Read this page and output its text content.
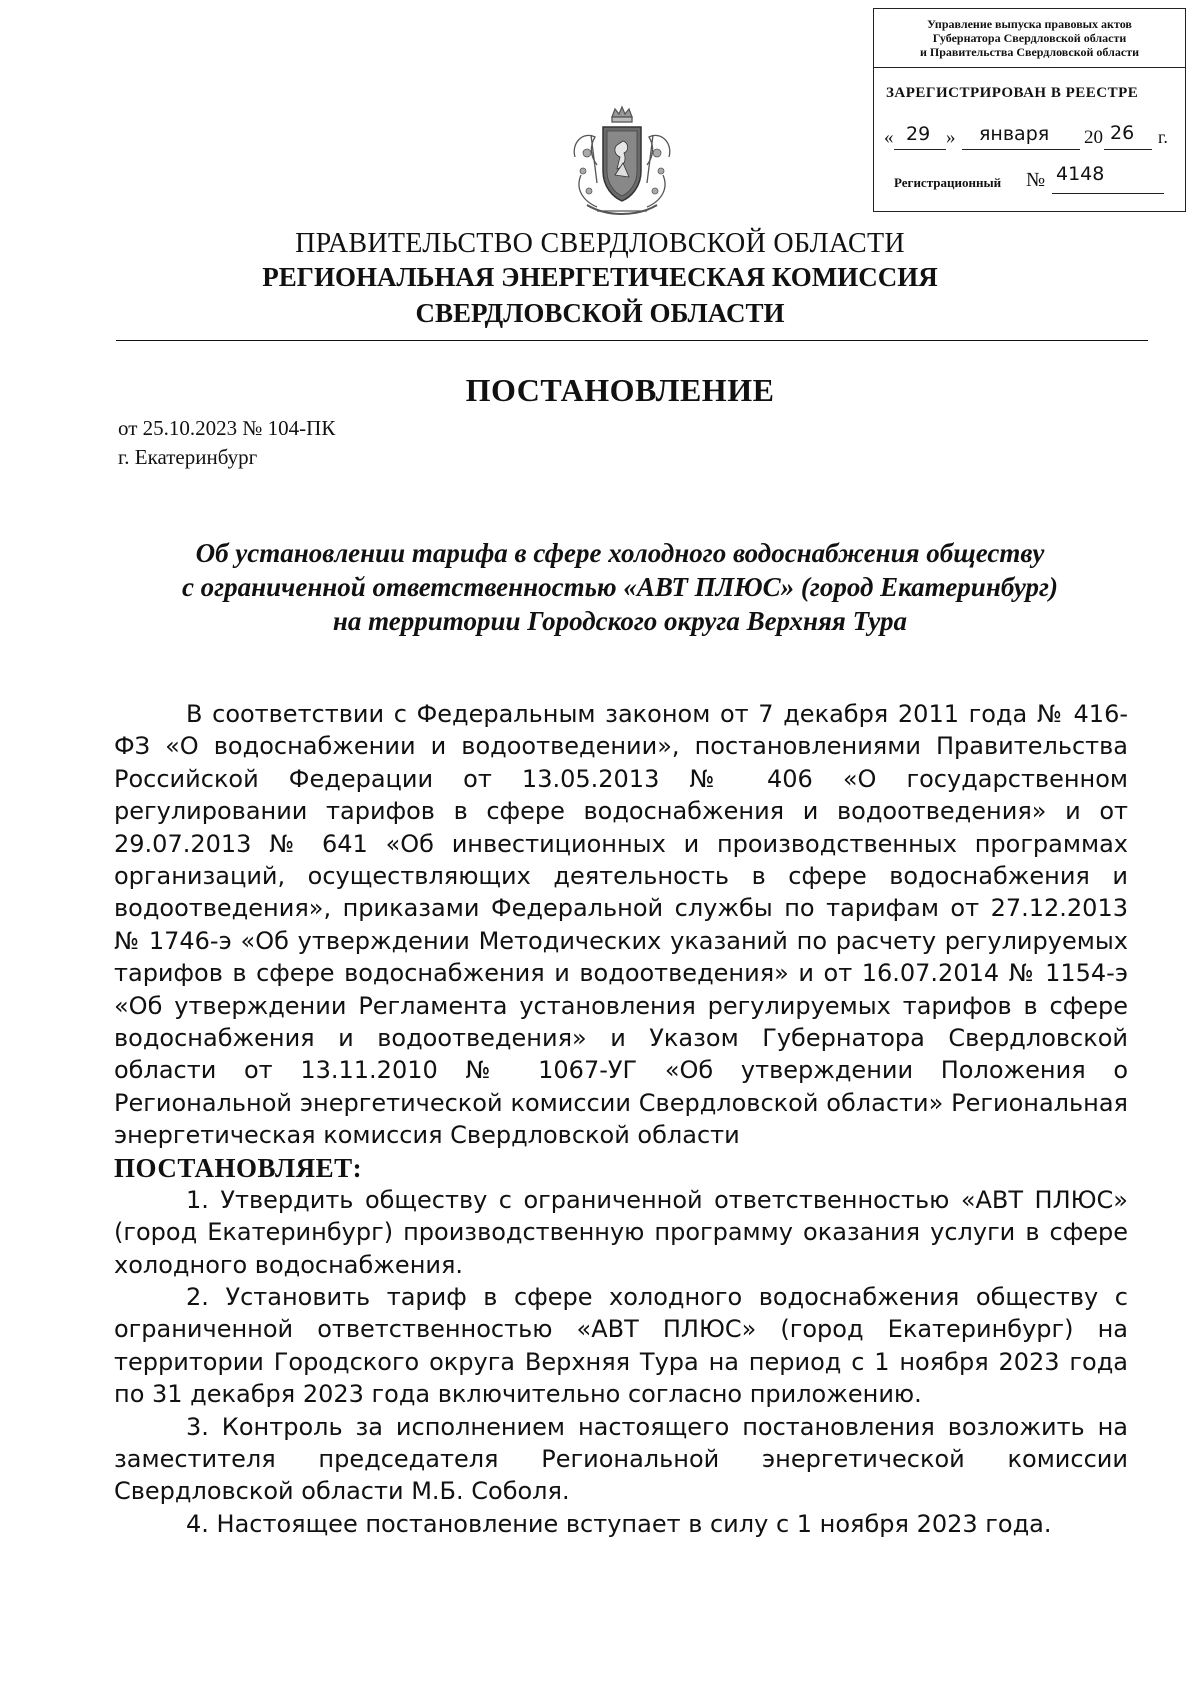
Управление выпуска правовых актов
Губернатора Свердловской области
и Правительства Свердловской области
ЗАРЕГИСТРИРОВАН В РЕЕСТРЕ
« 29 » января 20 26 г.
Регистрационный № 4148
ПРАВИТЕЛЬСТВО СВЕРДЛОВСКОЙ ОБЛАСТИ
РЕГИОНАЛЬНАЯ ЭНЕРГЕТИЧЕСКАЯ КОМИССИЯ
СВЕРДЛОВСКОЙ ОБЛАСТИ
ПОСТАНОВЛЕНИЕ
от 25.10.2023 № 104-ПК
г. Екатеринбург
Об установлении тарифа в сфере холодного водоснабжения обществу
с ограниченной ответственностью «АВТ ПЛЮС» (город Екатеринбург)
на территории Городского округа Верхняя Тура

В соответствии с Федеральным законом от 7 декабря 2011 года № 416-ФЗ «О водоснабжении и водоотведении», постановлениями Правительства Российской Федерации от 13.05.2013 № 406 «О государственном регулировании тарифов в сфере водоснабжения и водоотведения» и от 29.07.2013 № 641 «Об инвестиционных и производственных программах организаций, осуществляющих деятельность в сфере водоснабжения и водоотведения», приказами Федеральной службы по тарифам от 27.12.2013 № 1746-э «Об утверждении Методических указаний по расчету регулируемых тарифов в сфере водоснабжения и водоотведения» и от 16.07.2014 № 1154-э «Об утверждении Регламента установления регулируемых тарифов в сфере водоснабжения и водоотведения» и Указом Губернатора Свердловской области от 13.11.2010 № 1067-УГ «Об утверждении Положения о Региональной энергетической комиссии Свердловской области» Региональная энергетическая комиссия Свердловской области

ПОСТАНОВЛЯЕТ:

1. Утвердить обществу с ограниченной ответственностью «АВТ ПЛЮС» (город Екатеринбург) производственную программу оказания услуги в сфере холодного водоснабжения.

2. Установить тариф в сфере холодного водоснабжения обществу с ограниченной ответственностью «АВТ ПЛЮС» (город Екатеринбург) на территории Городского округа Верхняя Тура на период с 1 ноября 2023 года по 31 декабря 2023 года включительно согласно приложению.

3. Контроль за исполнением настоящего постановления возложить на заместителя председателя Региональной энергетической комиссии Свердловской области М.Б. Соболя.

4. Настоящее постановление вступает в силу с 1 ноября 2023 года.
